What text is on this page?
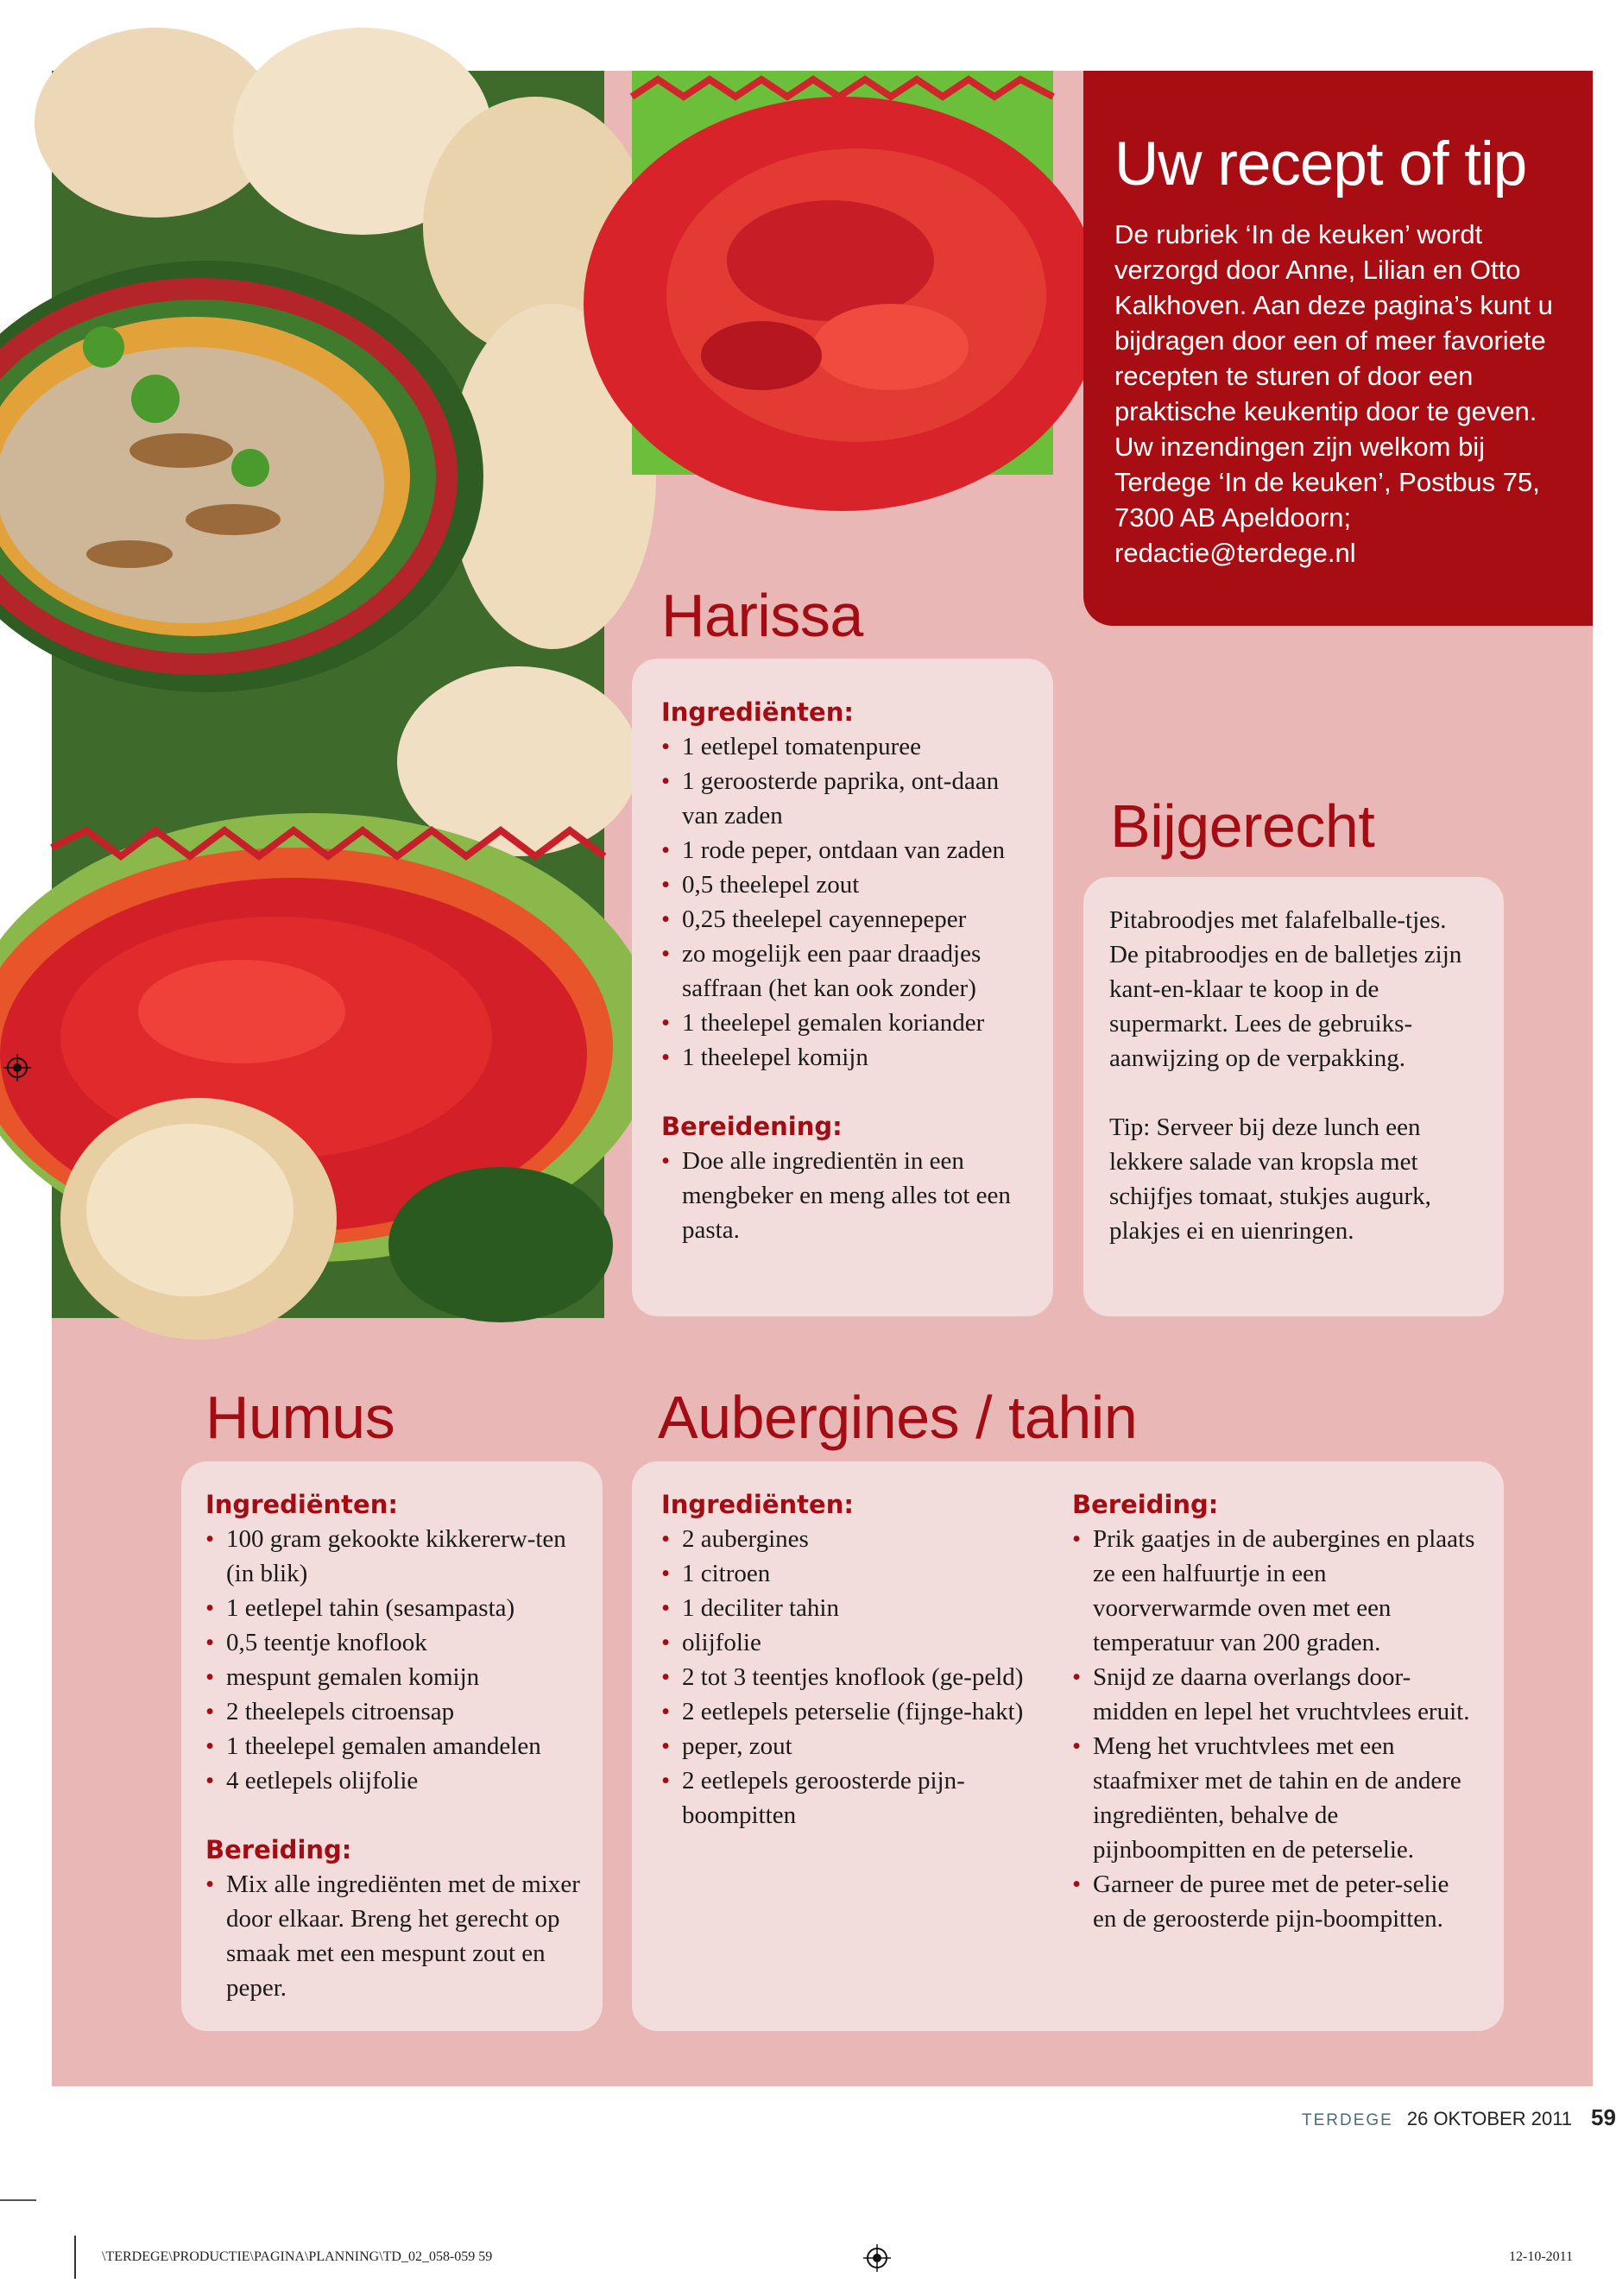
Uw recept of tip

De rubriek ‘In de keuken’ wordt verzorgd door Anne, Lilian en Otto Kalkhoven. Aan deze pagina’s kunt u bijdragen door een of meer favoriete recepten te sturen of door een praktische keukentip door te geven. Uw inzendingen zijn welkom bij Terdege ‘In de keuken’, Postbus 75, 7300 AB Apeldoorn; redactie@terdege.nl

Harissa

Ingrediënten:

• 1 eetlepel tomatenpuree
• 1 geroosterde paprika, ont-daan van zaden
• 1 rode peper, ontdaan van zaden
• 0,5 theelepel zout
• 0,25 theelepel cayennepeper
• zo mogelijk een paar draadjes saffraan (het kan ook zonder)
• 1 theelepel gemalen koriander
• 1 theelepel komijn

Bereidening:

• Doe alle ingredientën in een mengbeker en meng alles tot een pasta.
Bijgerecht

Pitabroodjes met falafelballe-tjes.

De pitabroodjes en de balletjes zijn kant-en-klaar te koop in de supermarkt. Lees de gebruiks-aanwijzing op de verpakking.

Tip: Serveer bij deze lunch een lekkere salade van kropsla met schijfjes tomaat, stukjes augurk, plakjes ei en uienringen.

Humus

Ingrediënten:

• 100 gram gekookte kikkererw-ten (in blik)
• 1 eetlepel tahin (sesampasta)
• 0,5 teentje knoflook
• mespunt gemalen komijn
• 2 theelepels citroensap
• 1 theelepel gemalen amandelen
• 4 eetlepels olijfolie

Bereiding:

• Mix alle ingrediënten met de mixer door elkaar. Breng het gerecht op smaak met een mespunt zout en peper.
Aubergines / tahin

Ingrediënten:

• 2 aubergines
• 1 citroen
• 1 deciliter tahin
• olijfolie
• 2 tot 3 teentjes knoflook (ge-peld)
• 2 eetlepels peterselie (fijnge-hakt)
• peper, zout
• 2 eetlepels geroosterde pijn-boompitten

Bereiding:

• Prik gaatjes in de aubergines en plaats ze een halfuurtje in een voorverwarmde oven met een temperatuur van 200 graden.
• Snijd ze daarna overlangs door-midden en lepel het vruchtvlees eruit.
• Meng het vruchtvlees met een staafmixer met de tahin en de andere ingrediënten, behalve de pijnboompitten en de peterselie.
• Garneer de puree met de peter-selie en de geroosterde pijn-boompitten.
TERDEGE 26 OKTOBER 2011 59
\TERDEGE\PRODUCTIE\PAGINA\PLANNING\TD_02_058-059 59	12-10-2011
